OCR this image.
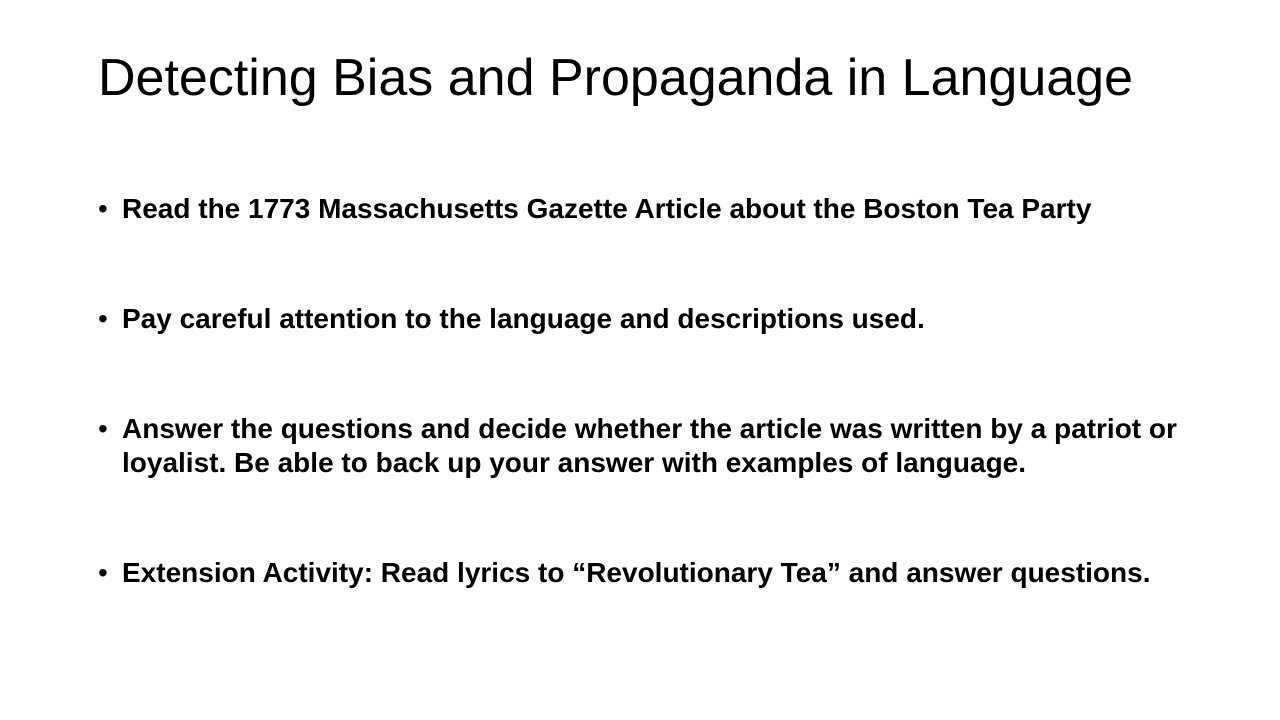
Detecting Bias and Propaganda in Language
• Read the 1773 Massachusetts Gazette Article about the Boston Tea Party
• Pay careful attention to the language and descriptions used.
• Answer the questions and decide whether the article was written by a patriot or loyalist. Be able to back up your answer with examples of language.
• Extension Activity: Read lyrics to “Revolutionary Tea” and answer questions.
